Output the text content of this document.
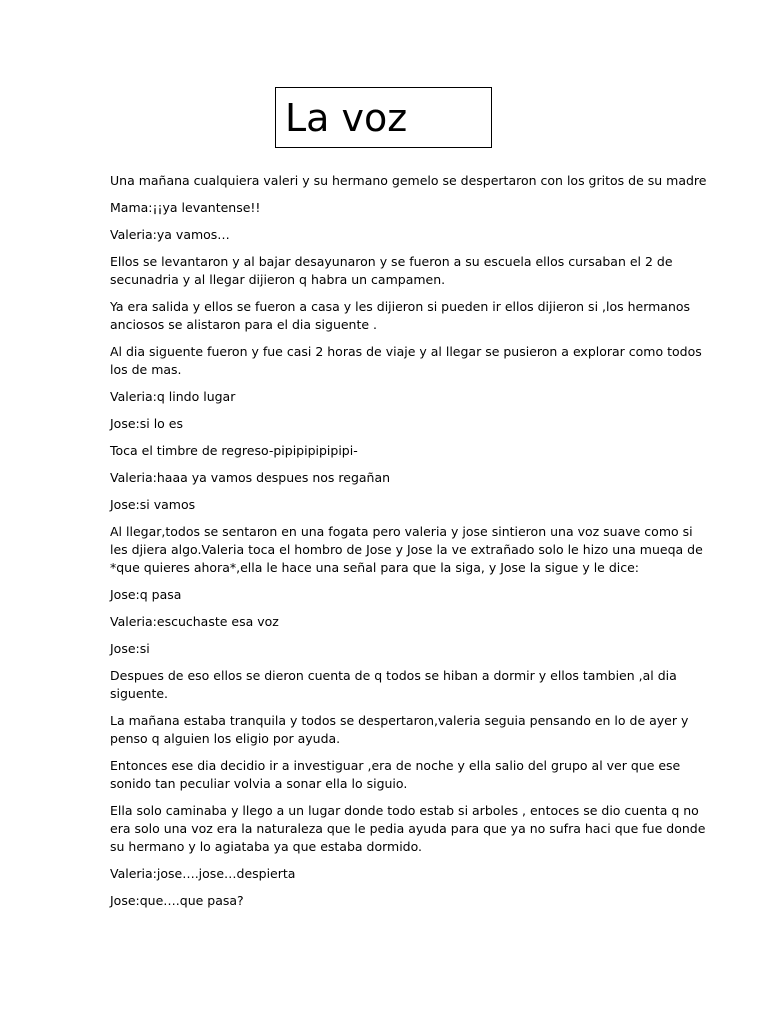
La voz

Una mañana cualquiera valeri y su hermano gemelo se despertaron con los gritos de su madre

Mama:¡¡ya levantense!!

Valeria:ya vamos…

Ellos se levantaron y al bajar desayunaron y se fueron a su escuela ellos cursaban el 2 de
secunadria y al llegar dijieron q habra un campamen.

Ya era salida y ellos se fueron a casa y les dijieron si pueden ir ellos dijieron si ,los hermanos
anciosos se alistaron para el dia siguente .

Al dia siguente fueron y fue casi 2 horas de viaje y al llegar se pusieron a explorar como todos
los de mas.

Valeria:q lindo lugar

Jose:si lo es

Toca el timbre de regreso-pipipipipipipi-

Valeria:haaa ya vamos despues nos regañan

Jose:si vamos

Al llegar,todos se sentaron en una fogata pero valeria y jose sintieron una voz suave como si
les djiera algo.Valeria toca el hombro de Jose y Jose la ve extrañado solo le hizo una mueqa de
*que quieres ahora*,ella le hace una señal para que la siga, y Jose la sigue y le dice:

Jose:q pasa

Valeria:escuchaste esa voz

Jose:si

Despues de eso ellos se dieron cuenta de q todos se hiban a dormir y ellos tambien ,al dia
siguente.

La mañana estaba tranquila y todos se despertaron,valeria seguia pensando en lo de ayer y
penso q alguien los eligio por ayuda.

Entonces ese dia decidio ir a investiguar ,era de noche y ella salio del grupo al ver que ese
sonido tan peculiar volvia a sonar ella lo siguio.

Ella solo caminaba y llego a un lugar donde todo estab si arboles , entoces se dio cuenta q no
era solo una voz era la naturaleza que le pedia ayuda para que ya no sufra haci que fue donde
su hermano y lo agiataba ya que estaba dormido.

Valeria:jose….jose…despierta

Jose:que….que pasa?
